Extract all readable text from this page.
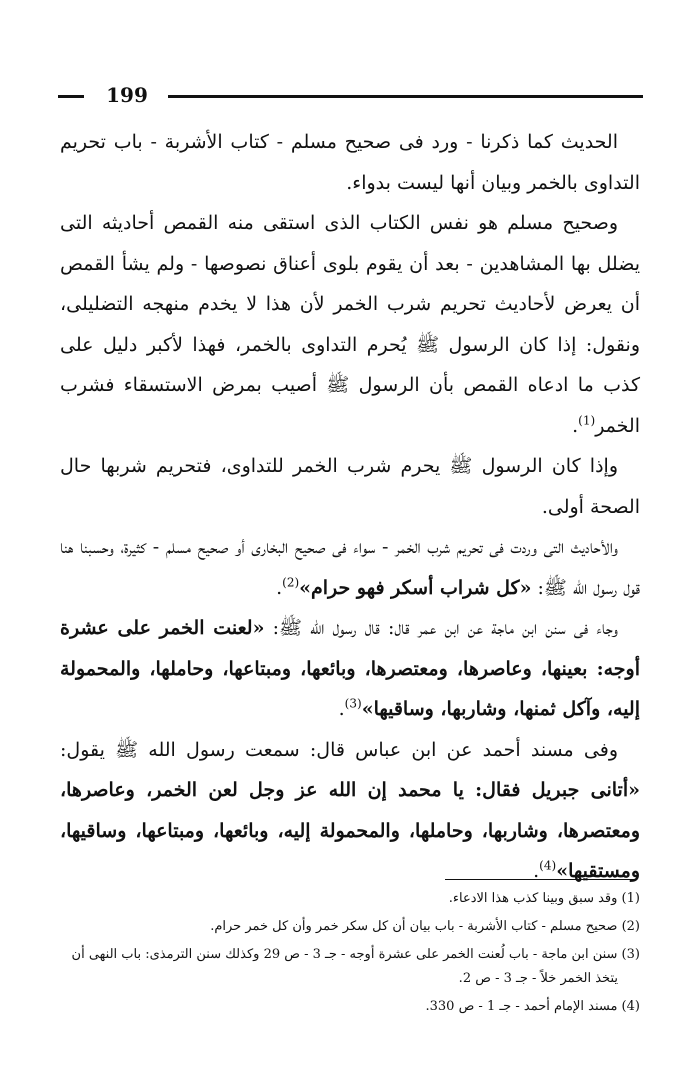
199

الحديث كما ذكرنا - ورد فى صحيح مسلم - كتاب الأشربة - باب تحريم التداوى بالخمر وبيان أنها ليست بدواء.

وصحيح مسلم هو نفس الكتاب الذى استقى منه القمص أحاديثه التى يضلل بها المشاهدين - بعد أن يقوم بلوى أعناق نصوصها - ولم يشأ القمص أن يعرض لأحاديث تحريم شرب الخمر لأن هذا لا يخدم منهجه التضليلى، ونقول: إذا كان الرسول ﷺ يُحرم التداوى بالخمر، فهذا لأكبر دليل على كذب ما ادعاه القمص بأن الرسول ﷺ أصيب بمرض الاستسقاء فشرب الخمر$^{(1)}$.

وإذا كان الرسول ﷺ يحرم شرب الخمر للتداوى، فتحريم شربها حال الصحة أولى.

والأحاديث التى وردت فى تحريم شرب الخمر - سواء فى صحيح البخارى أو صحيح مسلم - كثيرة، وحسبنا هنا قول رسول الله ﷺ: «كل شراب أسكر فهو حرام»$^{(2)}$.

وجاء فى سنن ابن ماجة عن ابن عمر قال: قال رسول الله ﷺ: «لعنت الخمر على عشرة أوجه: بعينها، وعاصرها، ومعتصرها، وبائعها، ومبتاعها، وحاملها، والمحمولة إليه، وآكل ثمنها، وشاربها، وساقيها»$^{(3)}$.

وفى مسند أحمد عن ابن عباس قال: سمعت رسول الله ﷺ يقول: «أتانى جبريل فقال: يا محمد إن الله عز وجل لعن الخمر، وعاصرها، ومعتصرها، وشاربها، وحاملها، والمحمولة إليه، وبائعها، ومبتاعها، وساقيها، ومستقيها»$^{(4)}$.

(1) وقد سبق وبينا كذب هذا الادعاء.

(2) صحيح مسلم - كتاب الأشربة - باب بيان أن كل سكر خمر وأن كل خمر حرام.

(3) سنن ابن ماجة - باب لُعنت الخمر على عشرة أوجه - جـ 3 - ص 29 وكذلك سنن الترمذى: باب النهى أن يتخذ الخمر خلاً - جـ 3 - ص 2.

(4) مسند الإمام أحمد - جـ 1 - ص 330.
